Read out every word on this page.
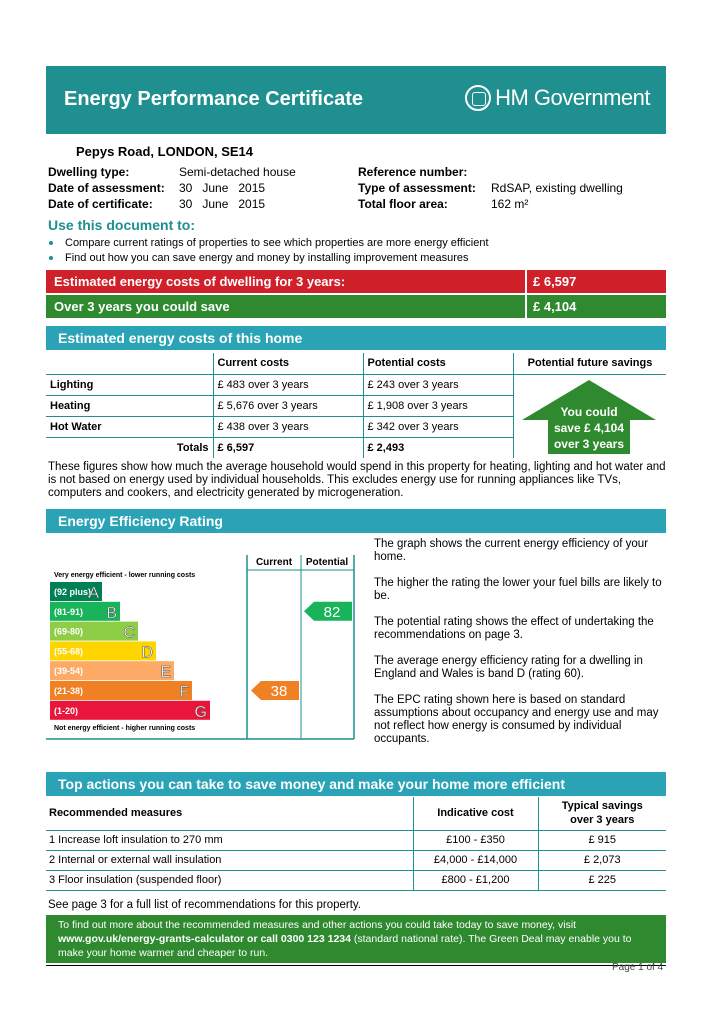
Energy Performance Certificate	HM Government
Pepys Road, LONDON, SE14
Dwelling type:	Semi-detached house
Date of assessment: 30   June   2015
Date of certificate: 30   June   2015
Reference number:
Type of assessment: RdSAP, existing dwelling
Total floor area:	162 m²
Use this document to:
Compare current ratings of properties to see which properties are more energy efficient
Find out how you can save energy and money by installing improvement measures
Estimated energy costs of dwelling for 3 years:	£ 6,597
Over 3 years you could save	£ 4,104
Estimated energy costs of this home
	Current costs	Potential costs
Lighting	£ 483 over 3 years	£ 243 over 3 years
Heating	£ 5,676 over 3 years	£ 1,908 over 3 years
Hot Water	£ 438 over 3 years	£ 342 over 3 years
Totals	£ 6,597	£ 2,493
Potential future savings
You could
save £ 4,104
over 3 years
These figures show how much the average household would spend in this property for heating, lighting and hot water and is not based on energy used by individual households. This excludes energy use for running appliances like TVs, computers and cookers, and electricity generated by microgeneration.
Energy Efficiency Rating
Current Potential
Very energy efficient - lower running costs
Not energy efficient - higher running costs
(92 plus)
A
(81-91) B
(69-80)	C
(55-68)	D
(39-54)	E
(21-38)	F
(1-20)	G
38
82

The graph shows the current energy efficiency of your home.

The higher the rating the lower your fuel bills are likely to be.

The potential rating shows the effect of undertaking the recommendations on page 3.

The average energy efficiency rating for a dwelling in England and Wales is band D (rating 60).

The EPC rating shown here is based on standard assumptions about occupancy and energy use and may not reflect how energy is consumed by individual occupants.

Top actions you can take to save money and make your home more efficient
Recommended measures	Indicative cost	Typical savings
over 3 years
1 Increase loft insulation to 270 mm	£100 - £350	£ 915
2 Internal or external wall insulation	£4,000 - £14,000	£ 2,073
3 Floor insulation (suspended floor)	£800 - £1,200	£ 225
See page 3 for a full list of recommendations for this property.
To find out more about the recommended measures and other actions you could take today to save money, visit
www.gov.uk/energy-grants-calculator or call 0300 123 1234 (standard national rate). The Green Deal may enable you to
make your home warmer and cheaper to run.
Page 1 of 4
